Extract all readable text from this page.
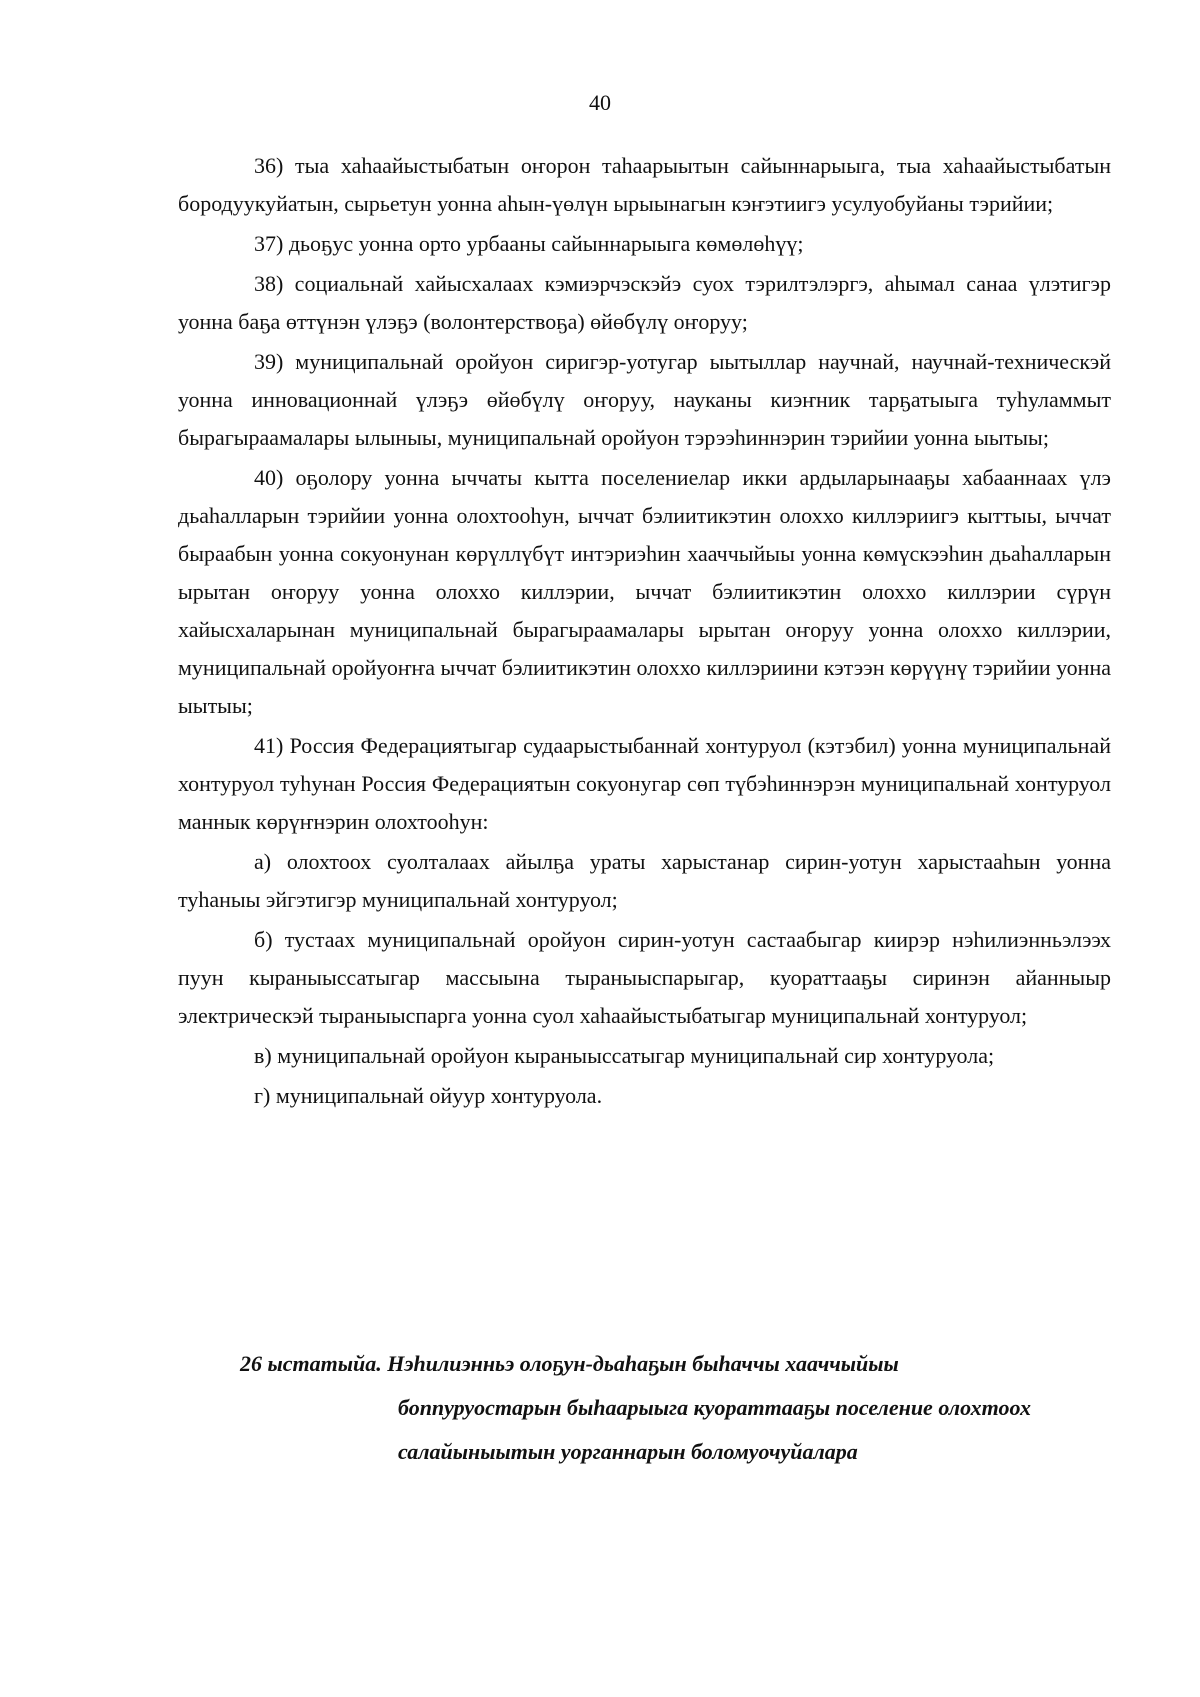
40

36) тыа хаһаайыстыбатын оҥорон таһаарыытын сайыннарыыга, тыа хаһаайыстыбатын бородуукуйатын, сырьетун уонна аһын-үөлүн ырыынагын кэҥэтиигэ усулуобуйаны тэрийии;

37) дьоҕус уонна орто урбааны сайыннарыыга көмөлөһүү;

38) социальнай хайысхалаах кэмиэрчэскэйэ суох тэрилтэлэргэ, аһымал санаа үлэтигэр уонна баҕа өттүнэн үлэҕэ (волонтерствоҕа) өйөбүлү оҥоруу;

39) муниципальнай оройуон сиригэр-уотугар ыытыллар научнай, научнай-техническэй уонна инновационнай үлэҕэ өйөбүлү оҥоруу, науканы киэҥник тарҕатыыга туһуламмыт бырагыраамалары ылыныы, муниципальнай оройуон тэрээһиннэрин тэрийии уонна ыытыы;

40) оҕолору уонна ыччаты кытта поселениелар икки ардыларынааҕы хабааннаах үлэ дьаһалларын тэрийии уонна олохтооһун, ыччат бэлиитикэтин олоххо киллэриигэ кыттыы, ыччат быраабын уонна сокуонунан көрүллүбүт интэриэһин хааччыйыы уонна көмүскээһин дьаһалларын ырытан оҥоруу уонна олоххо киллэрии, ыччат бэлиитикэтин олоххо киллэрии сүрүн хайысхаларынан муниципальнай бырагыраамалары ырытан оҥоруу уонна олоххо киллэрии, муниципальнай оройуоҥҥа ыччат бэлиитикэтин олоххо киллэриини кэтээн көрүүнү тэрийии уонна ыытыы;

41) Россия Федерациятыгар судаарыстыбаннай хонтуруол (кэтэбил) уонна муниципальнай хонтуруол туһунан Россия Федерациятын сокуонугар сөп түбэһиннэрэн муниципальнай хонтуруол маннык көрүҥнэрин олохтооһун:

а) олохтоох суолталаах айылҕа ураты харыстанар сирин-уотун харыстааһын уонна туһаныы эйгэтигэр муниципальнай хонтуруол;

б) тустаах муниципальнай оройуон сирин-уотун састаабыгар киирэр нэһилиэнньэлээх пуун кыраныыссатыгар массыына тыраныыспарыгар, куораттааҕы сиринэн айанныыр электрическэй тыраныыспарга уонна суол хаһаайыстыбатыгар муниципальнай хонтуруол;

в) муниципальнай оройуон кыраныыссатыгар муниципальнай сир хонтуруола;

г) муниципальнай ойуур хонтуруола.

26 ыстатыйа. Нэһилиэнньэ олоҕун-дьаһаҕын быһаччы хааччыйыы
боппуруостарын быһаарыыга куораттааҕы поселение олохтоох
салайыныытын уорганнарын боломуочуйалара
